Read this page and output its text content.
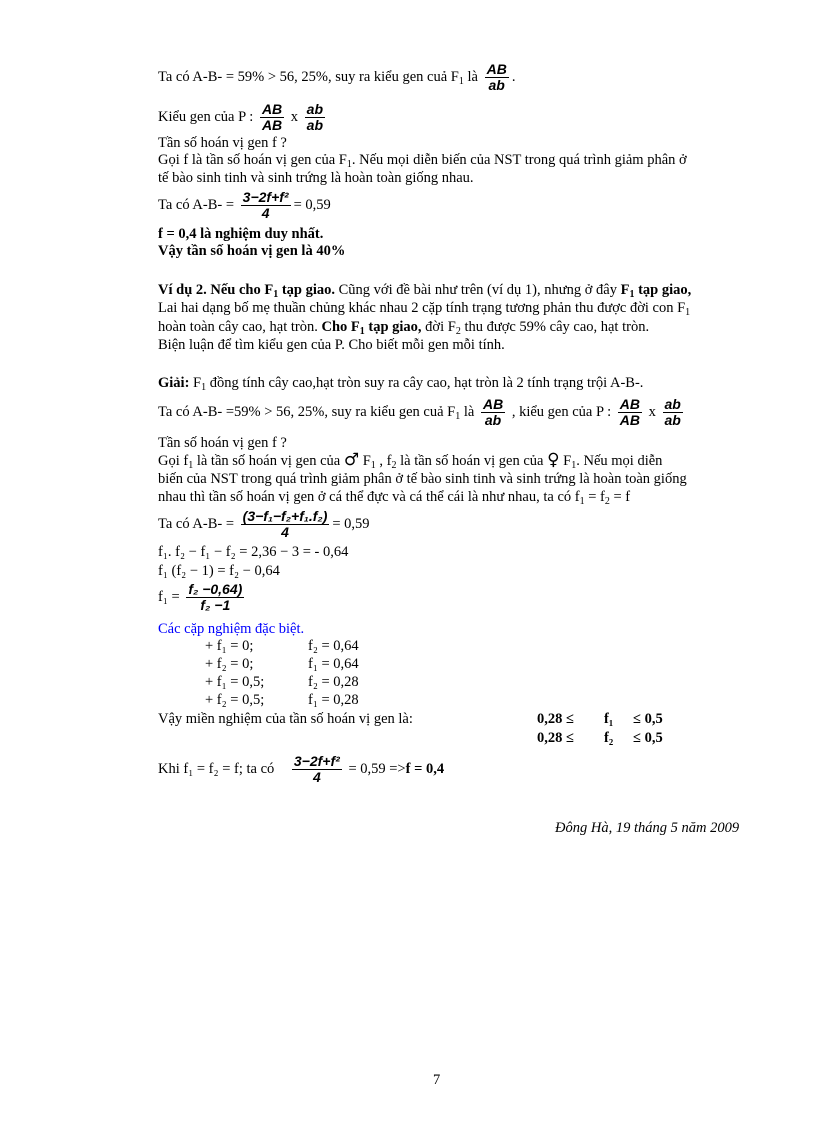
Ta có A-B- = 59% > 56, 25%, suy ra kiểu gen cuả $F_1$ là $\frac{AB}{ab}$ .
Kiểu gen của P : $\frac{AB}{AB}$ x $\frac{ab}{ab}$
Tần số hoán vị gen f ?
Gọi f là tần số hoán vị gen của $F_1$. Nếu mọi diễn biến của NST trong quá trình giảm phân ở
tế bào sinh tinh và sinh trứng là hoàn toàn giống nhau.
Ta có $A-B- = \frac{\text{3−2f+f²}}{4} = 0,59$
f = 0,4 là nghiệm duy nhất.
Vậy tần số hoán vị gen là 40%
Ví dụ 2. Nếu cho $F_1$ tạp giao. Cũng với đề bài như trên (ví dụ 1), nhưng ở đây $F_1$ tạp giao,
Lai hai dạng bố mẹ thuần chủng khác nhau 2 cặp tính trạng tương phản thu được đời con $F_1$
hoàn toàn cây cao, hạt tròn. Cho $F_1$ tạp giao, đời $F_2$ thu được 59% cây cao, hạt tròn.
Biện luận để tìm kiểu gen của P. Cho biết mỗi gen mỗi tính.
Giải: $F_1$ đồng tính cây cao,hạt tròn suy ra cây cao, hạt tròn là 2 tính trạng trội A-B-.
Ta có A-B- =59% > 56, 25%, suy ra kiểu gen cuả $F_1$ là $\frac{AB}{ab}$ , kiểu gen của P : $\frac{AB}{AB}$ x $\frac{ab}{ab}$
Tần số hoán vị gen f ?
Gọi $f_1$ là tần số hoán vị gen của ♂ $F_1$ , $f_2$ là tần số hoán vị gen của ♀ $F_1$. Nếu mọi diễn
biến của NST trong quá trình giảm phân ở tế bào sinh tinh và sinh trứng là hoàn toàn giống
nhau thì tần số hoán vị gen ở cá thể đực và cá thể cái là như nhau, ta có $f_1 = f_2 = f$
Ta có $A-B- = \frac{\text{(3−f₁−f₂+f₁.f₂)}}{4} = 0,59$
f₁. f₂ − f₁ − f₂ = 2,36 − 3 = - 0,64
f₁ (f₂ − 1) = f₂ − 0,64
$f_1 = \frac{\text{f₂ −0,64)}}{\text{f₂ −1}}$
Các cặp nghiệm đặc biệt.
+ f₁ = 0;	f₂ = 0,64
+ f₂ = 0;	f₁ = 0,64
+ f₁ = 0,5;	f₂ = 0,28
+ f₂ = 0,5;	f₁ = 0,28
Vậy miền nghiệm của tần số hoán vị gen là:	0,28 ≤ f₁ ≤ 0,5
0,28 ≤ f₂ ≤ 0,5
Khi f₁ = f₂ = f; ta có $\frac{\text{3−2f+f²}}{4} = 0,59 =>f = 0,4$
Đông Hà, 19 tháng 5 năm 2009
7
